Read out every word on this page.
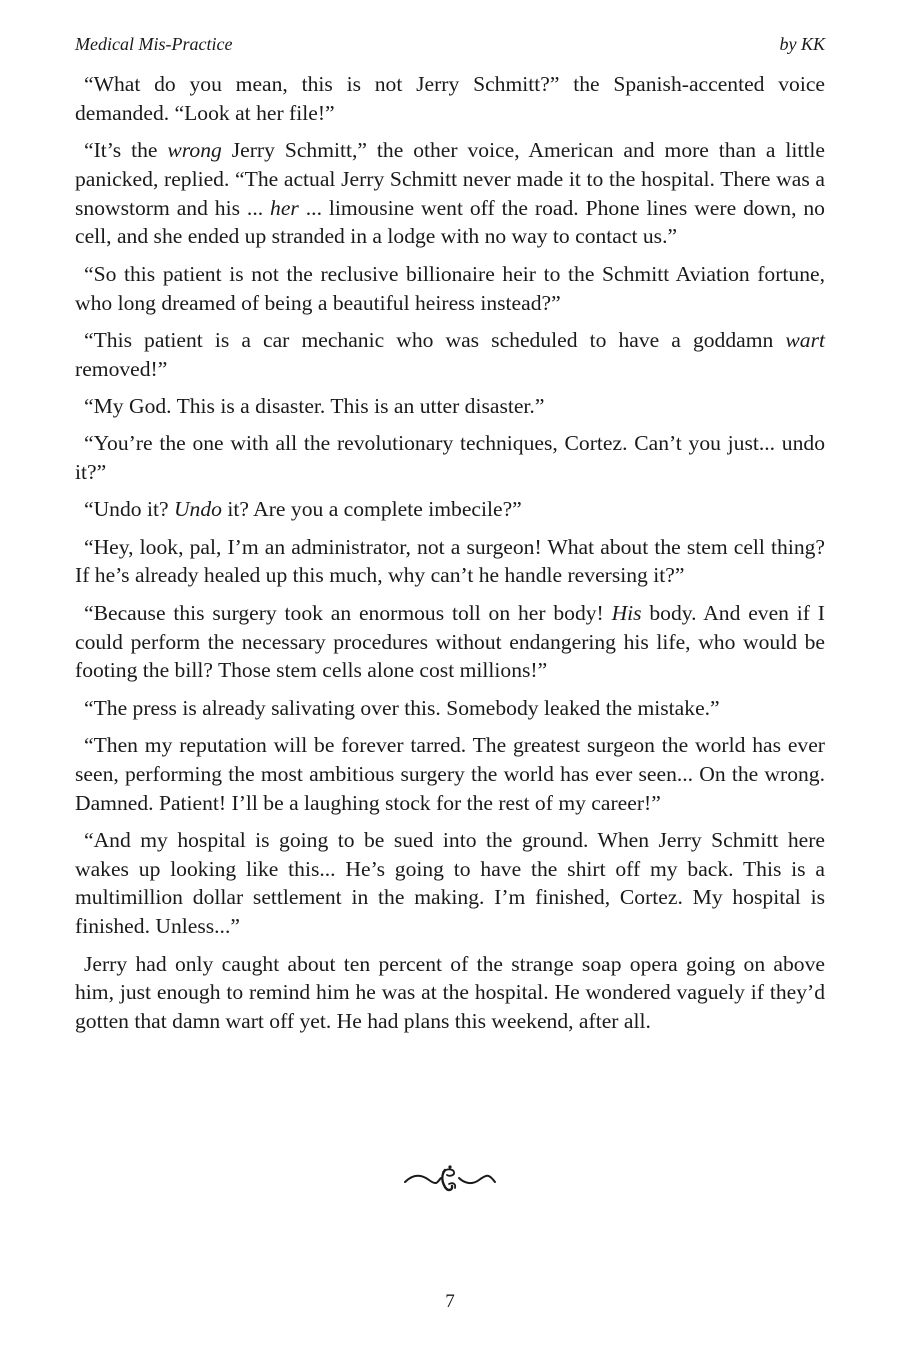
Medical Mis-Practice	by KK

“What do you mean, this is not Jerry Schmitt?” the Spanish-accented voice demanded. “Look at her file!”

“It’s the wrong Jerry Schmitt,” the other voice, American and more than a little panicked, replied. “The actual Jerry Schmitt never made it to the hospital. There was a snowstorm and his ... her ... limousine went off the road. Phone lines were down, no cell, and she ended up stranded in a lodge with no way to contact us.”

“So this patient is not the reclusive billionaire heir to the Schmitt Aviation fortune, who long dreamed of being a beautiful heiress instead?”

“This patient is a car mechanic who was scheduled to have a goddamn wart removed!”

“My God. This is a disaster. This is an utter disaster.”

“You’re the one with all the revolutionary techniques, Cortez. Can’t you just... undo it?”

“Undo it? Undo it? Are you a complete imbecile?”

“Hey, look, pal, I’m an administrator, not a surgeon! What about the stem cell thing? If he’s already healed up this much, why can’t he handle reversing it?”

“Because this surgery took an enormous toll on her body! His body. And even if I could perform the necessary procedures without endangering his life, who would be footing the bill? Those stem cells alone cost millions!”

“The press is already salivating over this. Somebody leaked the mistake.”

“Then my reputation will be forever tarred. The greatest surgeon the world has ever seen, performing the most ambitious surgery the world has ever seen... On the wrong. Damned. Patient! I’ll be a laughing stock for the rest of my career!”

“And my hospital is going to be sued into the ground. When Jerry Schmitt here wakes up looking like this... He’s going to have the shirt off my back. This is a multimillion dollar settlement in the making. I’m finished, Cortez. My hospital is finished. Unless...”

Jerry had only caught about ten percent of the strange soap opera going on above him, just enough to remind him he was at the hospital. He wondered vaguely if they’d gotten that damn wart off yet. He had plans this weekend, after all.

7
